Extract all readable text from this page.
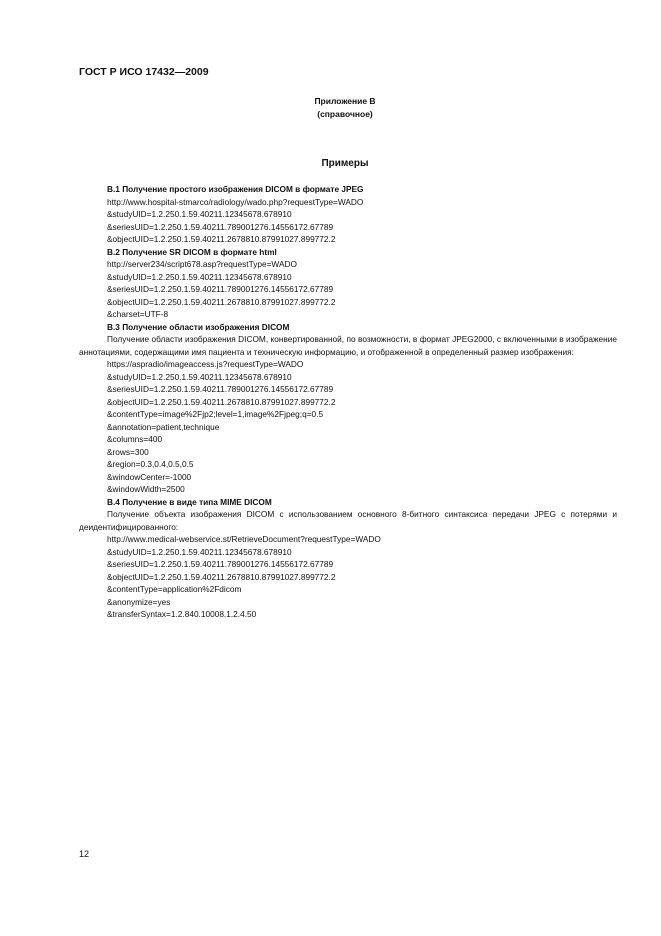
ГОСТ Р ИСО 17432—2009
Приложение В
(справочное)
Примеры
В.1 Получение простого изображения DICOM в формате JPEG
http://www.hospital-stmarco/radiology/wado.php?requestType=WADO
&studyUID=1.2.250.1.59.40211.12345678.678910
&seriesUID=1.2.250.1.59.40211.789001276.14556172.67789
&objectUID=1.2.250.1.59.40211.2678810.87991027.899772.2
В.2 Получение SR DICOM в формате html
http://server234/script678.asp?requestType=WADO
&studyUID=1.2.250.1.59.40211.12345678.678910
&seriesUID=1.2.250.1.59.40211.789001276.14556172.67789
&objectUID=1.2.250.1.59.40211.2678810.87991027.899772.2
&charset=UTF-8
В.3 Получение области изображения DICOM
Получение области изображения DICOM, конвертированной, по возможности, в формат JPEG2000, с включенными в изображение аннотациями, содержащими имя пациента и техническую информацию, и отображенной в определенный размер изображения:
https://aspradio/imageaccess.js?requestType=WADO
&studyUID=1.2.250.1.59.40211.12345678.678910
&seriesUID=1.2.250.1.59.40211.789001276.14556172.67789
&objectUID=1.2.250.1.59.40211.2678810.87991027.899772.2
&contentType=image%2Fjp2;level=1,image%2Fjpeg;q=0.5
&annotation=patient,technique
&columns=400
&rows=300
&region=0.3,0.4,0.5,0.5
&windowCenter=-1000
&windowWidth=2500
В.4 Получение в виде типа MIME DICOM
Получение объекта изображения DICOM с использованием основного 8-битного синтаксиса передачи JPEG с потерями и деидентифицированного:
http://www.medical-webservice.st/RetrieveDocument?requestType=WADO
&studyUID=1.2.250.1.59.40211.12345678.678910
&seriesUID=1.2.250.1.59.40211.789001276.14556172.67789
&objectUID=1.2.250.1.59.40211.2678810.87991027.899772.2
&contentType=application%2Fdicom
&anonymize=yes
&transferSyntax=1.2.840.10008.1.2.4.50
12
